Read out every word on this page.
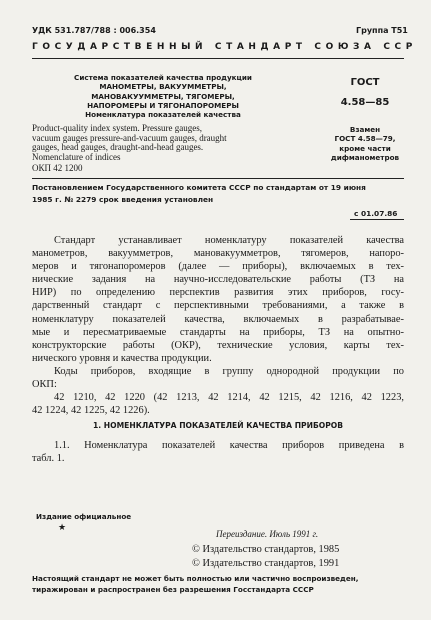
УДК 531.787/788 : 006.354	Группа Т51
ГОСУДАРСТВЕННЫЙ СТАНДАРТ СОЮЗА ССР
Система показателей качества продукции
МАНОМЕТРЫ, ВАКУУММЕТРЫ,
МАНОВАКУУММЕТРЫ, ТЯГОМЕРЫ,
НАПОРОМЕРЫ И ТЯГОНАПОРОМЕРЫ
Номенклатура показателей качества
Product-quality index system. Pressure gauges,
vacuum gauges pressure-and-vacuum gauges, draught
gauges, head gauges, draught-and-head gauges.
Nomenclature of indices
ОКП 42 1200
ГОСТ
4.58—85
Взамен
ГОСТ 4.58—79,
кроме части
дифманометров
Постановлением Государственного комитета СССР по стандартам от 19 июня
1985 г. № 2279 срок введения установлен
с 01.07.86
Стандарт устанавливает номенклатуру показателей качества
манометров, вакуумметров, мановакуумметров, тягомеров, напоро-
меров и тягонапоромеров (далее — приборы), включаемых в тех-
нические задания на научно-исследовательские работы (ТЗ на
НИР) по определению перспектив развития этих приборов, госу-
дарственный стандарт с перспективными требованиями, а также в
номенклатуру показателей качества, включаемых в разрабатывае-
мые и пересматриваемые стандарты на приборы, ТЗ на опытно-
конструкторские работы (ОКР), технические условия, карты тех-
нического уровня и качества продукции.
Коды приборов, входящие в группу однородной продукции по
ОКП:
42 1210, 42 1220 (42 1213, 42 1214, 42 1215, 42 1216, 42 1223,
42 1224, 42 1225, 42 1226).
1. НОМЕНКЛАТУРА ПОКАЗАТЕЛЕЙ КАЧЕСТВА ПРИБОРОВ
1.1. Номенклатура показателей качества приборов приведена в
табл. 1.
Издание официальное
★
Переиздание. Июль 1991 г.
© Издательство стандартов, 1985
© Издательство стандартов, 1991
Настоящий стандарт не может быть полностью или частично воспроизведен,
тиражирован и распространен без разрешения Госстандарта СССР
